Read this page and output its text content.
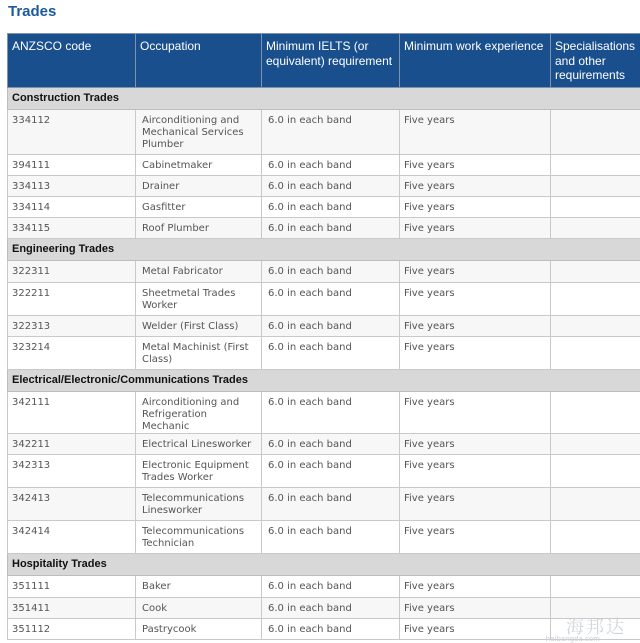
Trades
ANZSCO code	Occupation	Minimum IELTS (or equivalent) requirement	Minimum work experience	Specialisations and other requirements
Construction Trades				
334112	Airconditioning and Mechanical Services Plumber	6.0 in each band	Five years	
394111	Cabinetmaker	6.0 in each band	Five years	
334113	Drainer	6.0 in each band	Five years	
334114	Gasfitter	6.0 in each band	Five years	
334115	Roof Plumber	6.0 in each band	Five years	
Engineering Trades				
322311	Metal Fabricator	6.0 in each band	Five years	
322211	Sheetmetal Trades Worker	6.0 in each band	Five years	
322313	Welder (First Class)	6.0 in each band	Five years	
323214	Metal Machinist (First Class)	6.0 in each band	Five years	
Electrical/Electronic/Communications Trades				
342111	Airconditioning and Refrigeration Mechanic	6.0 in each band	Five years	
342211	Electrical Linesworker	6.0 in each band	Five years	
342313	Electronic Equipment Trades Worker	6.0 in each band	Five years	
342413	Telecommunications Linesworker	6.0 in each band	Five years	
342414	Telecommunications Technician	6.0 in each band	Five years	
Hospitality Trades				
351111	Baker	6.0 in each band	Five years	
351411	Cook	6.0 in each band	Five years	
351112	Pastrycook	6.0 in each band	Five years		海邦达
haibangda.com
